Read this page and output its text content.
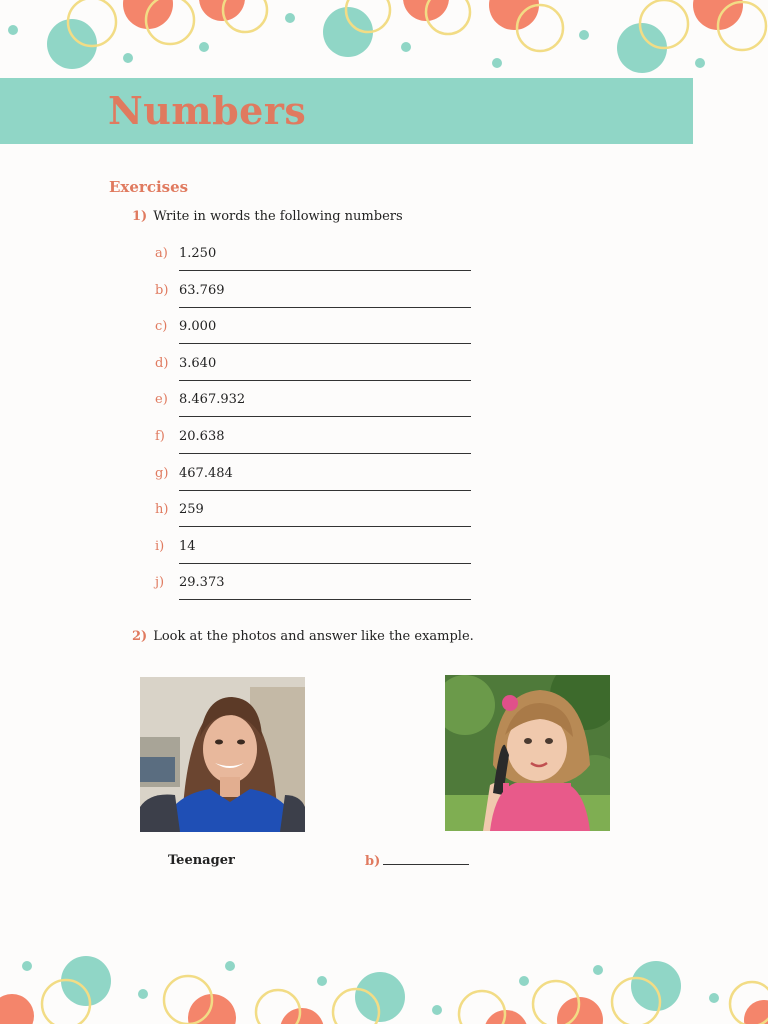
Numbers
Exercises
1) Write in words the following numbers
a) 1.250
b) 63.769
c) 9.000
d) 3.640
e) 8.467.932
f) 20.638
g) 467.484
h) 259
i) 14
j) 29.373
2) Look at the photos and answer like the example.
Teenager	b)
